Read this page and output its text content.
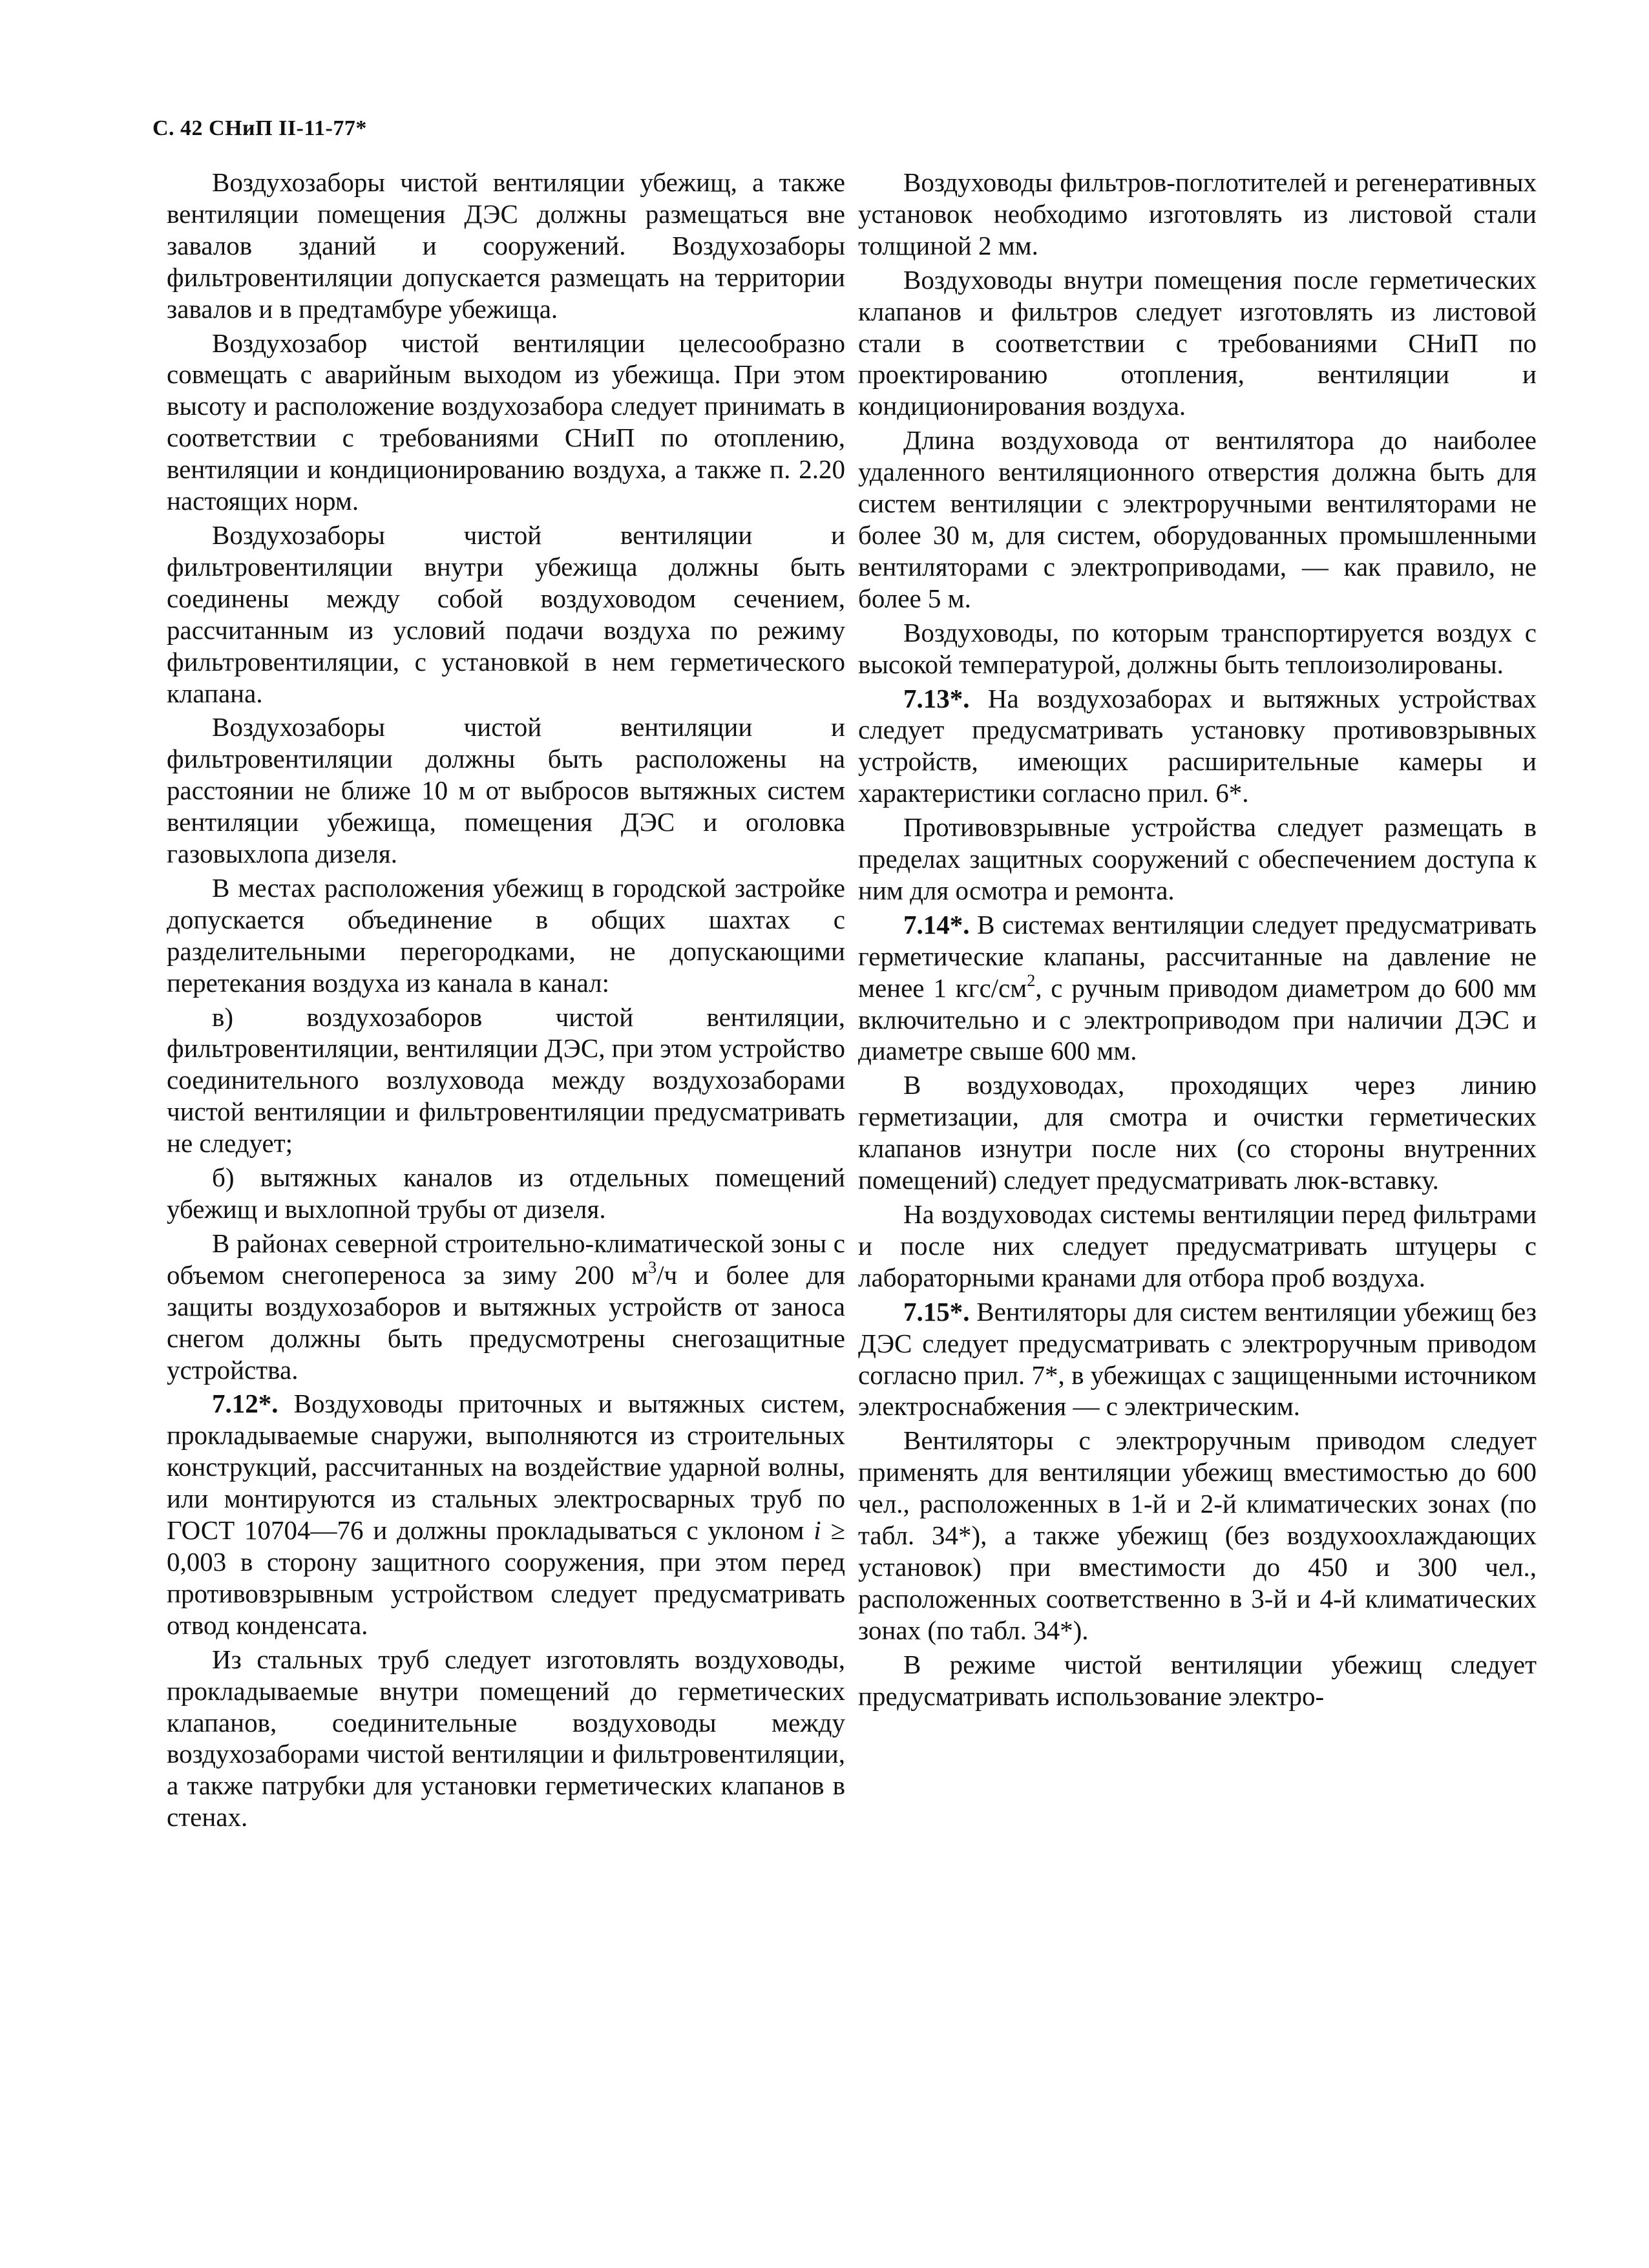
С. 42 СНиП II-11-77*

Воздухозаборы чистой вентиляции убежищ, а также вентиляции помещения ДЭС должны размещаться вне завалов зданий и сооружений. Воздухозаборы фильтровентиляции допускается размещать на территории завалов и в предтамбуре убежища.

Воздухозабор чистой вентиляции целесообразно совмещать с аварийным выходом из убежища. При этом высоту и расположение воздухозабора следует принимать в соответствии с требованиями СНиП по отоплению, вентиляции и кондиционированию воздуха, а также п. 2.20 настоящих норм.

Воздухозаборы чистой вентиляции и фильтровентиляции внутри убежища должны быть соединены между собой воздуховодом сечением, рассчитанным из условий подачи воздуха по режиму фильтровентиляции, с установкой в нем герметического клапана.

Воздухозаборы чистой вентиляции и фильтровентиляции должны быть расположены на расстоянии не ближе 10 м от выбросов вытяжных систем вентиляции убежища, помещения ДЭС и оголовка газовыхлопа дизеля.

В местах расположения убежищ в городской застройке допускается объединение в общих шахтах с разделительными перегородками, не допускающими перетекания воздуха из канала в канал:

в) воздухозаборов чистой вентиляции, фильтровентиляции, вентиляции ДЭС, при этом устройство соединительного возлуховода между воздухозаборами чистой вентиляции и фильтровентиляции предусматривать не следует;

б) вытяжных каналов из отдельных помещений убежищ и выхлопной трубы от дизеля.

В районах северной строительно-климатической зоны с объемом снегопереноса за зиму 200 $м^3/ч$ и более для защиты воздухозаборов и вытяжных устройств от заноса снегом должны быть предусмотрены снегозащитные устройства.

7.12*. Воздуховоды приточных и вытяжных систем, прокладываемые снаружи, выполняются из строительных конструкций, рассчитанных на воздействие ударной волны, или монтируются из стальных электросварных труб по ГОСТ 10704—76 и должны прокладываться с уклоном i ≥ 0,003 в сторону защитного сооружения, при этом перед противовзрывным устройством следует предусматривать отвод конденсата.

Из стальных труб следует изготовлять воздуховоды, прокладываемые внутри помещений до герметических клапанов, соединительные воздуховоды между воздухозаборами чистой вентиляции и фильтровентиляции, а также патрубки для установки герметических клапанов в стенах.

Воздуховоды фильтров-поглотителей и регенеративных установок необходимо изготовлять из листовой стали толщиной 2 мм.

Воздуховоды внутри помещения после герметических клапанов и фильтров следует изготовлять из листовой стали в соответствии с требованиями СНиП по проектированию отопления, вентиляции и кондиционирования воздуха.

Длина воздуховода от вентилятора до наиболее удаленного вентиляционного отверстия должна быть для систем вентиляции с электроручными вентиляторами не более 30 м, для систем, оборудованных промышленными вентиляторами с электроприводами, — как правило, не более 5 м.

Воздуховоды, по которым транспортируется воздух с высокой температурой, должны быть теплоизолированы.

7.13*. На воздухозаборах и вытяжных устройствах следует предусматривать установку противовзрывных устройств, имеющих расширительные камеры и характеристики согласно прил. 6*.

Противовзрывные устройства следует размещать в пределах защитных сооружений с обеспечением доступа к ним для осмотра и ремонта.

7.14*. В системах вентиляции следует предусматривать герметические клапаны, рассчитанные на давление не менее 1 кгс/$см^2$, с ручным приводом диаметром до 600 мм включительно и с электроприводом при наличии ДЭС и диаметре свыше 600 мм.

В воздуховодах, проходящих через линию герметизации, для смотра и очистки герметических клапанов изнутри после них (со стороны внутренних помещений) следует предусматривать люк-вставку.

На воздуховодах системы вентиляции перед фильтрами и после них следует предусматривать штуцеры с лабораторными кранами для отбора проб воздуха.

7.15*. Вентиляторы для систем вентиляции убежищ без ДЭС следует предусматривать с электроручным приводом согласно прил. 7*, в убежищах с защищенными источником электроснабжения — с электрическим.

Вентиляторы с электроручным приводом следует применять для вентиляции убежищ вместимостью до 600 чел., расположенных в 1-й и 2-й климатических зонах (по табл. 34*), а также убежищ (без воздухоохлаждающих установок) при вместимости до 450 и 300 чел., расположенных соответственно в 3-й и 4-й климатических зонах (по табл. 34*).

В режиме чистой вентиляции убежищ следует предусматривать использование электро-
